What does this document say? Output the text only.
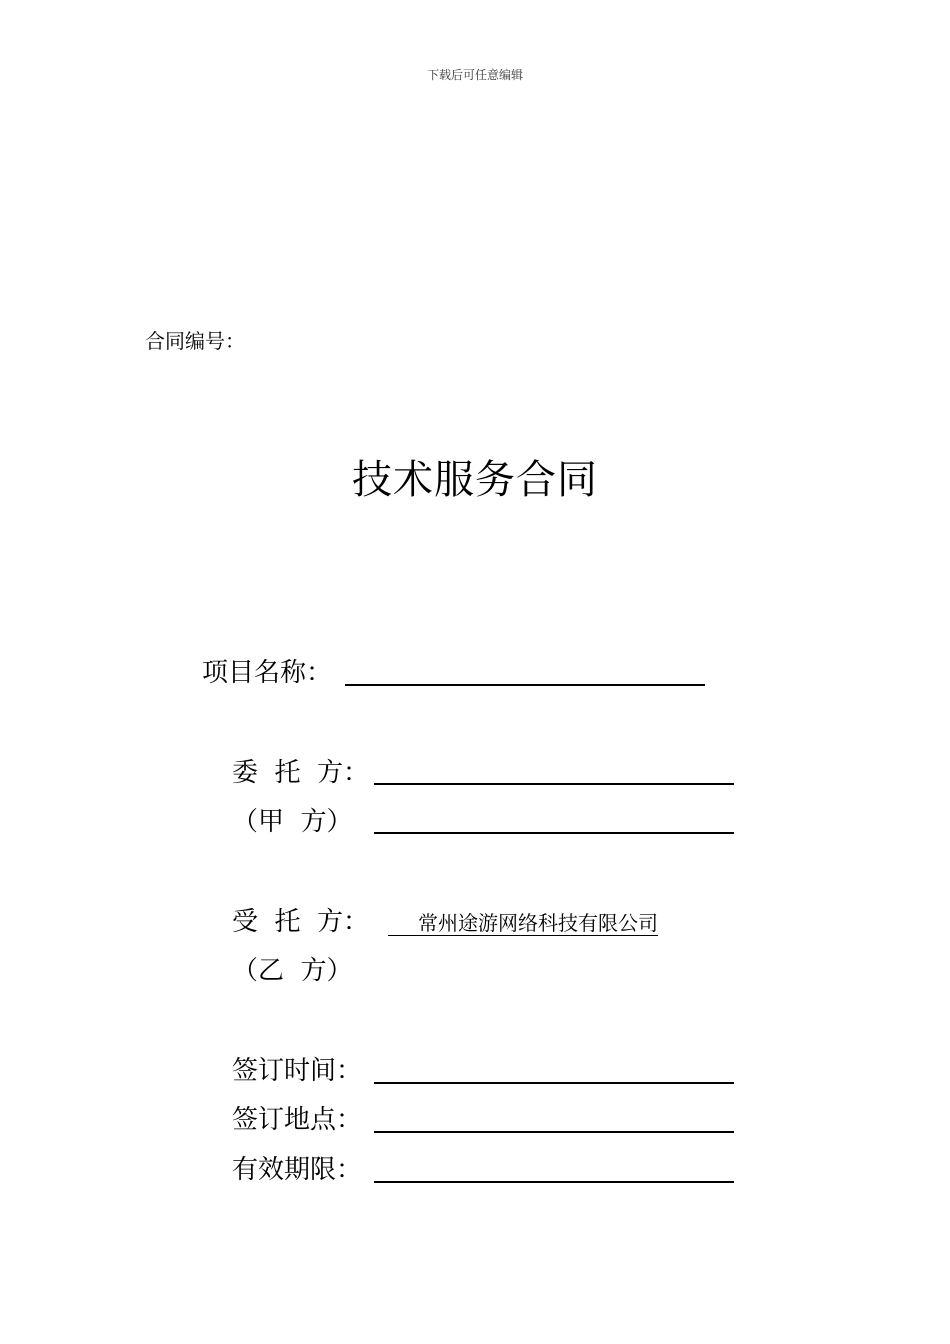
下载后可任意编辑
合同编号：
技术服务合同
项目名称：
委  托  方：
（甲  方）
受  托  方：	常州途游网络科技有限公司
（乙  方）
签订时间：
签订地点：
有效期限：
